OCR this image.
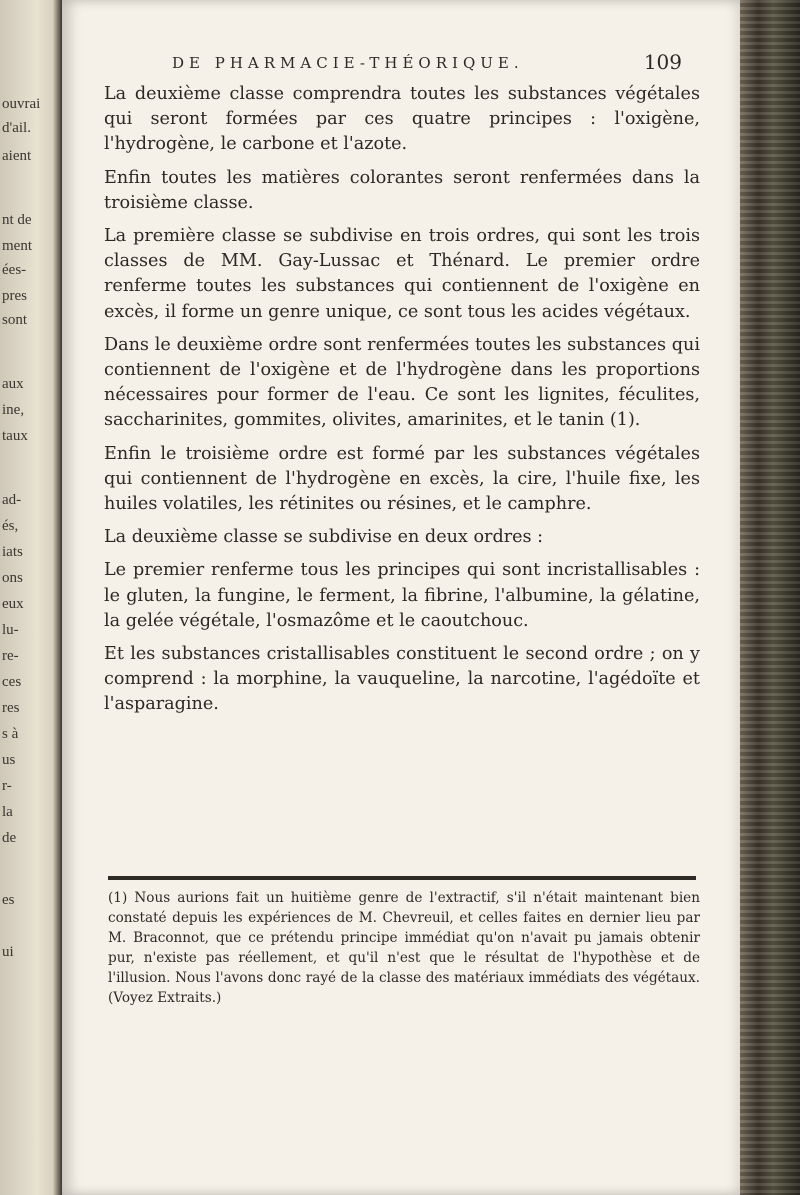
ouvrai
d'ail.
aient
nt de
ment
ées-
pres
sont
aux
ine,
taux
ad-
és,
iats
ons
eux
lu-
re-
ces
res
s à
us
r-
la
de
es
ui
DE PHARMACIE-THÉORIQUE.	109

La deuxième classe comprendra toutes les substances végétales qui seront formées par ces quatre principes : l'oxigène, l'hydrogène, le carbone et l'azote.

Enfin toutes les matières colorantes seront renfermées dans la troisième classe.

La première classe se subdivise en trois ordres, qui sont les trois classes de MM. Gay-Lussac et Thénard. Le premier ordre renferme toutes les substances qui contiennent de l'oxigène en excès, il forme un genre unique, ce sont tous les acides végétaux.

Dans le deuxième ordre sont renfermées toutes les substances qui contiennent de l'oxigène et de l'hydrogène dans les proportions nécessaires pour former de l'eau. Ce sont les lignites, féculites, saccharinites, gommites, olivites, amarinites, et le tanin (1).

Enfin le troisième ordre est formé par les substances végétales qui contiennent de l'hydrogène en excès, la cire, l'huile fixe, les huiles volatiles, les rétinites ou résines, et le camphre.

La deuxième classe se subdivise en deux ordres :

Le premier renferme tous les principes qui sont incristallisables : le gluten, la fungine, le ferment, la fibrine, l'albumine, la gélatine, la gelée végétale, l'osmazôme et le caoutchouc.

Et les substances cristallisables constituent le second ordre ; on y comprend : la morphine, la vauqueline, la narcotine, l'agédoïte et l'asparagine.

(1) Nous aurions fait un huitième genre de l'extractif, s'il n'était maintenant bien constaté depuis les expériences de M. Chevreuil, et celles faites en dernier lieu par M. Braconnot, que ce prétendu principe immédiat qu'on n'avait pu jamais obtenir pur, n'existe pas réellement, et qu'il n'est que le résultat de l'hypothèse et de l'illusion. Nous l'avons donc rayé de la classe des matériaux immédiats des végétaux. (Voyez Extraits.)
